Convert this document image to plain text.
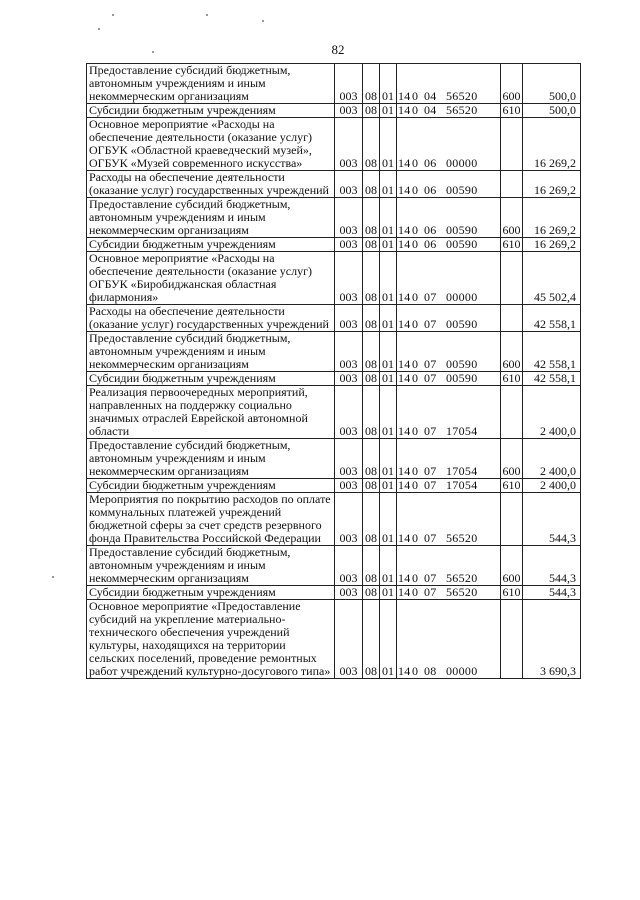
82
Предоставление субсидий бюджетным, автономным учреждениям и иным некоммерческим организациям	003	08	01	140 04 56520	600	500,0
Субсидии бюджетным учреждениям	003	08	01	140 04 56520	610	500,0
Основное мероприятие «Расходы на обеспечение деятельности (оказание услуг) ОГБУК «Областной краеведческий музей», ОГБУК «Музей современного искусства»	003	08	01	140 06 00000		16 269,2
Расходы на обеспечение деятельности (оказание услуг) государственных учреждений	003	08	01	140 06 00590		16 269,2
Предоставление субсидий бюджетным, автономным учреждениям и иным некоммерческим организациям	003	08	01	140 06 00590	600	16 269,2
Субсидии бюджетным учреждениям	003	08	01	140 06 00590	610	16 269,2
Основное мероприятие «Расходы на обеспечение деятельности (оказание услуг) ОГБУК «Биробиджанская областная филармония»	003	08	01	140 07 00000		45 502,4
Расходы на обеспечение деятельности (оказание услуг) государственных учреждений	003	08	01	140 07 00590		42 558,1
Предоставление субсидий бюджетным, автономным учреждениям и иным некоммерческим организациям	003	08	01	140 07 00590	600	42 558,1
Субсидии бюджетным учреждениям	003	08	01	140 07 00590	610	42 558,1
Реализация первоочередных мероприятий, направленных на поддержку социально значимых отраслей Еврейской автономной области	003	08	01	140 07 17054		2 400,0
Предоставление субсидий бюджетным, автономным учреждениям и иным некоммерческим организациям	003	08	01	140 07 17054	600	2 400,0
Субсидии бюджетным учреждениям	003	08	01	140 07 17054	610	2 400,0
Мероприятия по покрытию расходов по оплате коммунальных платежей учреждений бюджетной сферы за счет средств резервного фонда Правительства Российской Федерации	003	08	01	140 07 56520		544,3
Предоставление субсидий бюджетным, автономным учреждениям и иным некоммерческим организациям	003	08	01	140 07 56520	600	544,3
Субсидии бюджетным учреждениям	003	08	01	140 07 56520	610	544,3
Основное мероприятие «Предоставление субсидий на укрепление материально-технического обеспечения учреждений культуры, находящихся на территории сельских поселений, проведение ремонтных работ учреждений культурно-досугового типа»	003	08	01	140 08 00000		3 690,3
